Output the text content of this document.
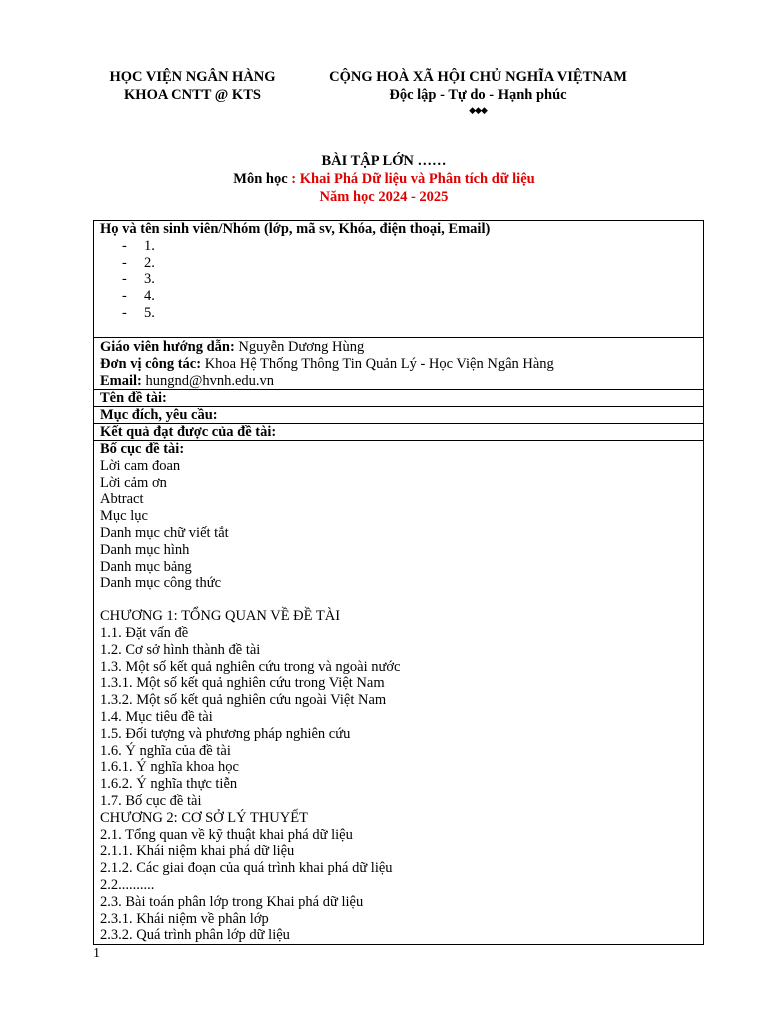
HỌC VIỆN NGÂN HÀNG
KHOA CNTT @ KTS
CỘNG HOÀ XÃ HỘI CHỦ NGHĨA VIỆTNAM
Độc lập - Tự do - Hạnh phúc
◆◆◆
BÀI TẬP LỚN ……
Môn học : Khai Phá Dữ liệu và Phân tích dữ liệu
Năm học 2024 - 2025
Họ và tên sinh viên/Nhóm (lớp, mã sv, Khóa, điện thoại, Email)
- 1.
- 2.
- 3.
- 4.
- 5.
Giáo viên hướng dẫn: Nguyễn Dương Hùng
Đơn vị công tác: Khoa Hệ Thống Thông Tin Quản Lý - Học Viện Ngân Hàng
Email: hungnd@hvnh.edu.vn
Tên đề tài:
Mục đích, yêu cầu:
Kết quả đạt được của đề tài:
Bố cục đề tài:
Lời cam đoan
Lời cảm ơn
Abtract
Mục lục
Danh mục chữ viết tắt
Danh mục hình
Danh mục bảng
Danh mục công thức
CHƯƠNG 1: TỔNG QUAN VỀ ĐỀ TÀI
1.1. Đặt vấn đề
1.2. Cơ sở hình thành đề tài
1.3. Một số kết quả nghiên cứu trong và ngoài nước
1.3.1. Một số kết quả nghiên cứu trong Việt Nam
1.3.2. Một số kết quả nghiên cứu ngoài Việt Nam
1.4. Mục tiêu đề tài
1.5. Đối tượng và phương pháp nghiên cứu
1.6. Ý nghĩa của đề tài
1.6.1. Ý nghĩa khoa học
1.6.2. Ý nghĩa thực tiễn
1.7. Bố cục đề tài
CHƯƠNG 2: CƠ SỞ LÝ THUYẾT
2.1. Tổng quan về kỹ thuật khai phá dữ liệu
2.1.1. Khái niệm khai phá dữ liệu
2.1.2. Các giai đoạn của quá trình khai phá dữ liệu
2.2..........
2.3. Bài toán phân lớp trong Khai phá dữ liệu
2.3.1. Khái niệm về phân lớp
2.3.2. Quá trình phân lớp dữ liệu
1
